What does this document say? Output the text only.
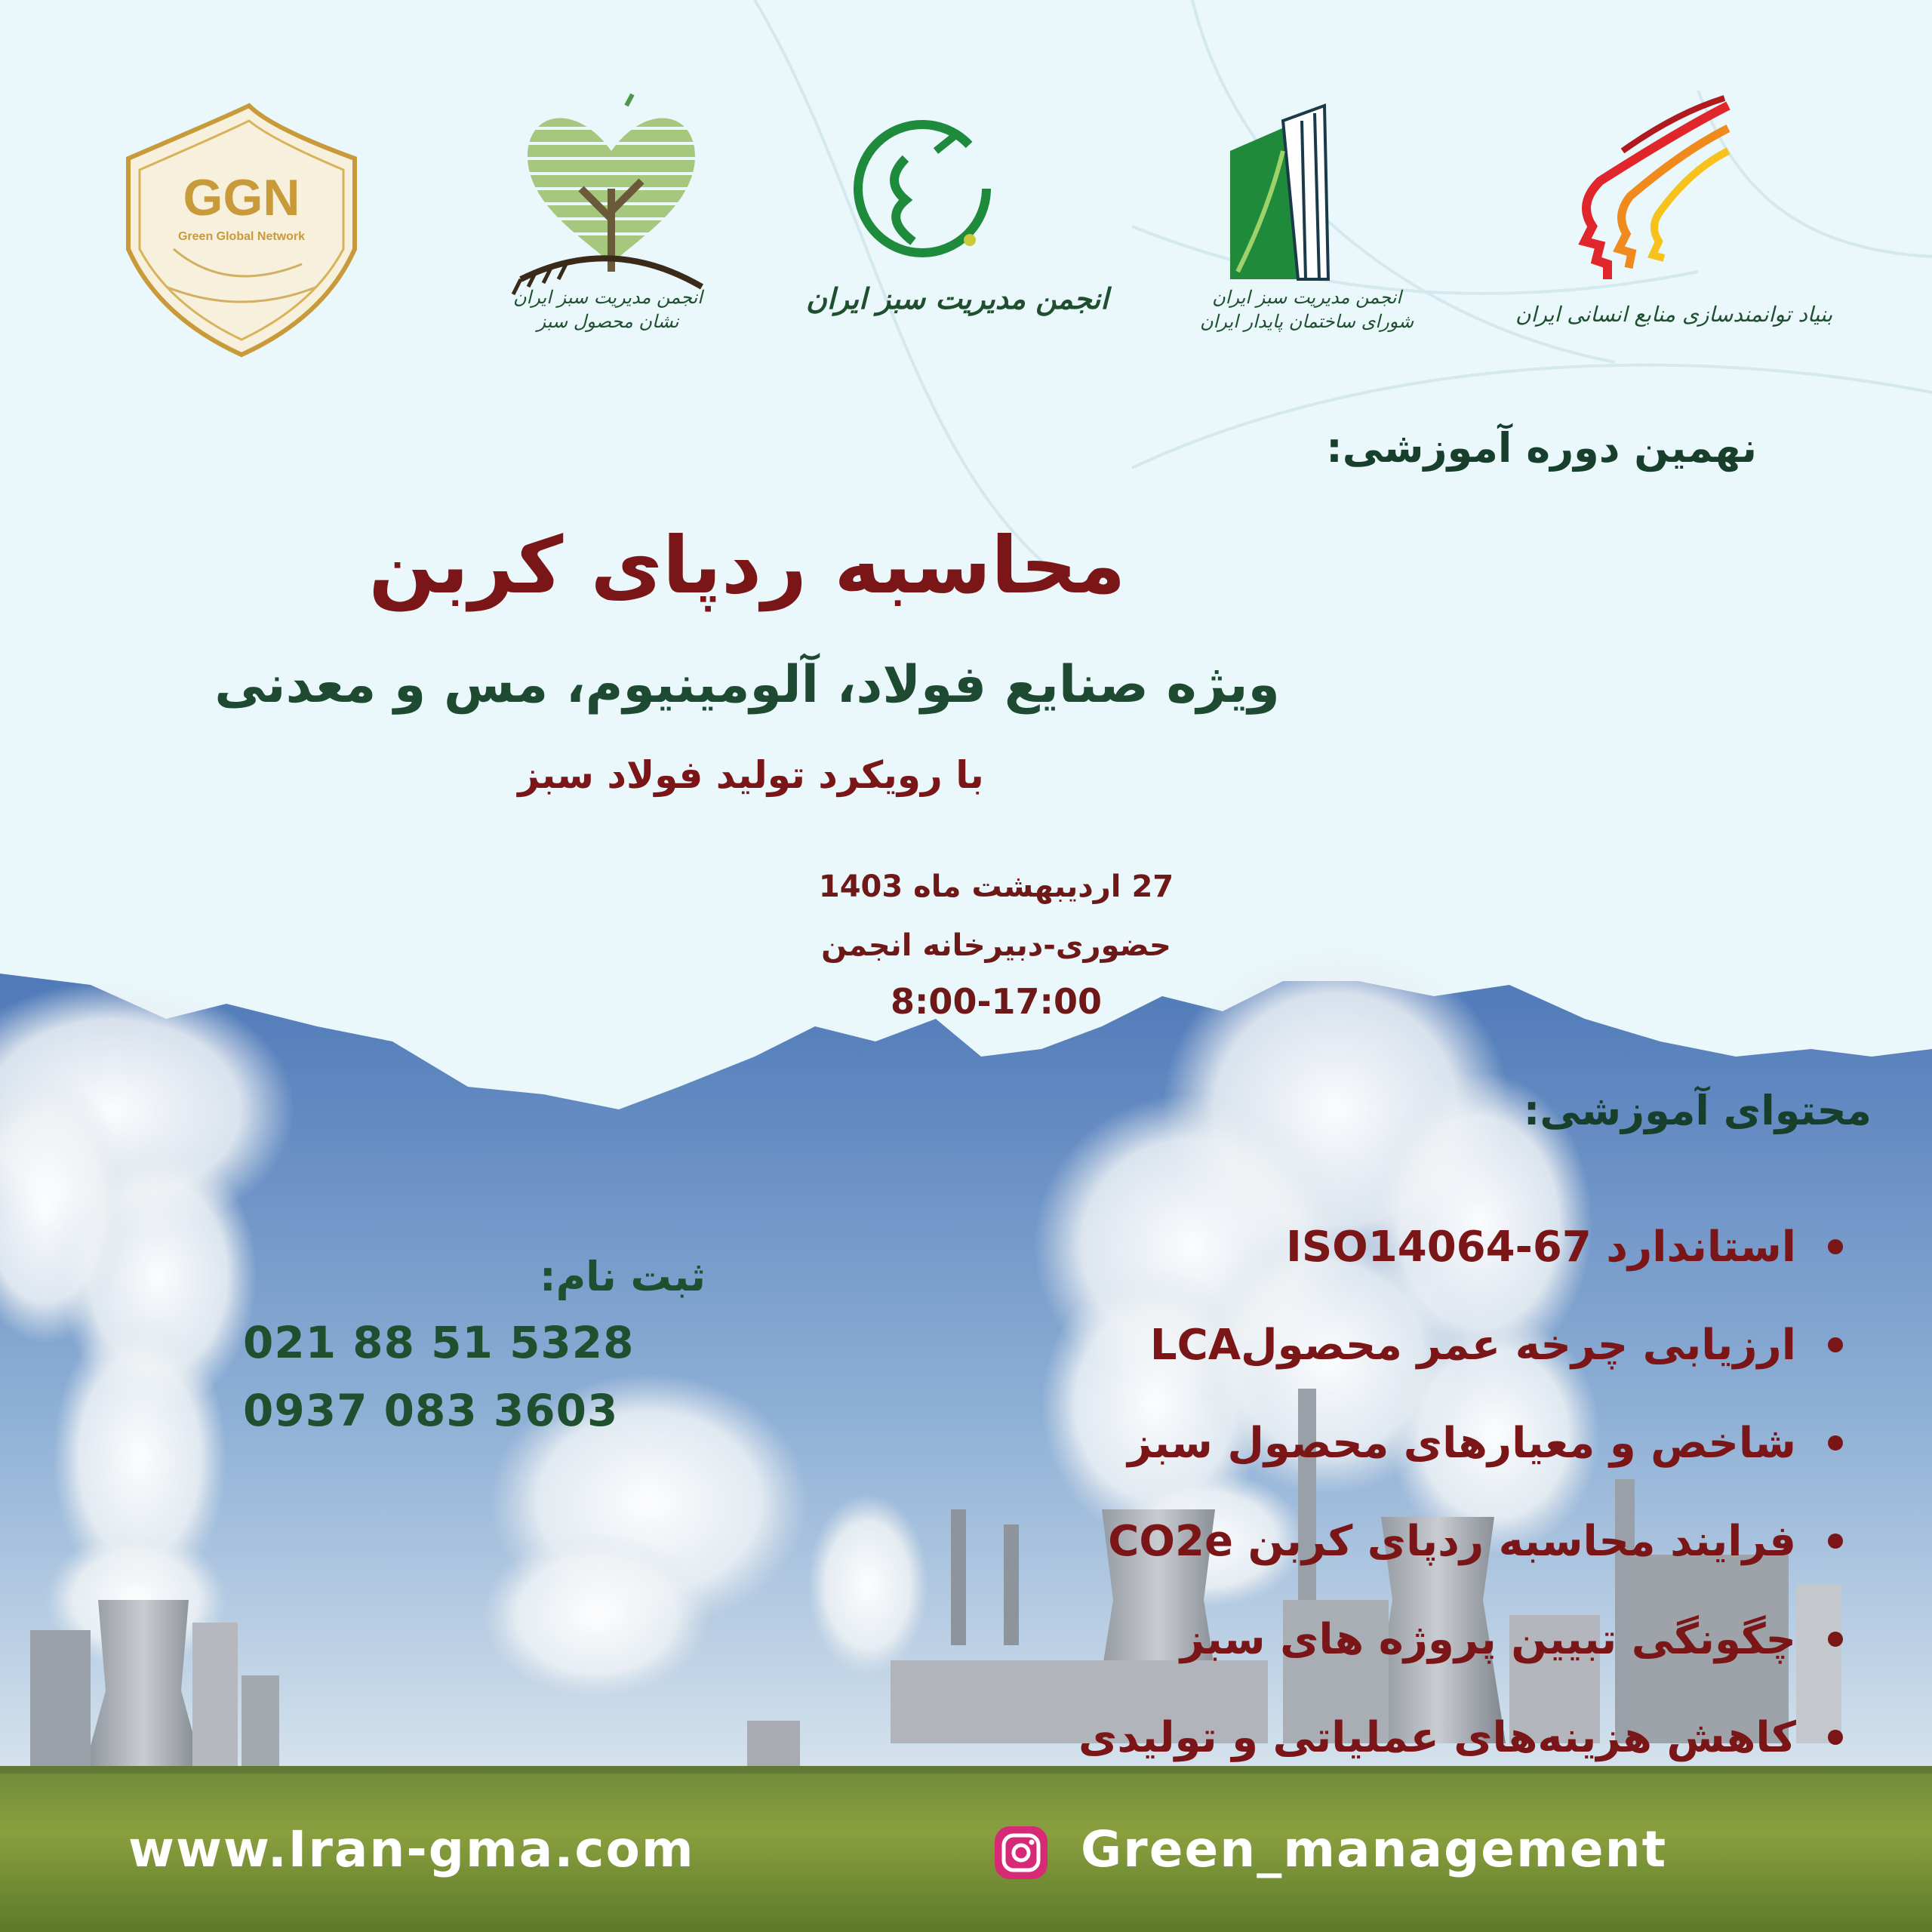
GGN
Green Global Network
انجمن مدیریت سبز ایران
نشان محصول سبز
انجمن مدیریت سبز ایران	انجمن مدیریت سبز ایران
شورای ساختمان پایدار ایران	بنیاد توانمندسازی منابع انسانی ایران
نهمین دوره آموزشی:
محاسبه ردپای کربن
ویژه صنایع فولاد، آلومینیوم، مس و معدنی
با رویکرد تولید فولاد سبز
27 اردیبهشت ماه 1403
حضوری-دبیرخانه انجمن
8:00-17:00
محتوای آموزشی:
استاندارد ISO14064-67
ارزیابی چرخه عمر محصولLCA
شاخص و معیارهای محصول سبز
فرایند محاسبه ردپای کربن CO2e
چگونگی تبیین پروژه های سبز
کاهش هزینه‌های عملیاتی و تولیدی
ثبت نام:
021 88 51 5328
0937 083 3603
www.Iran-gma.com	Green_management
